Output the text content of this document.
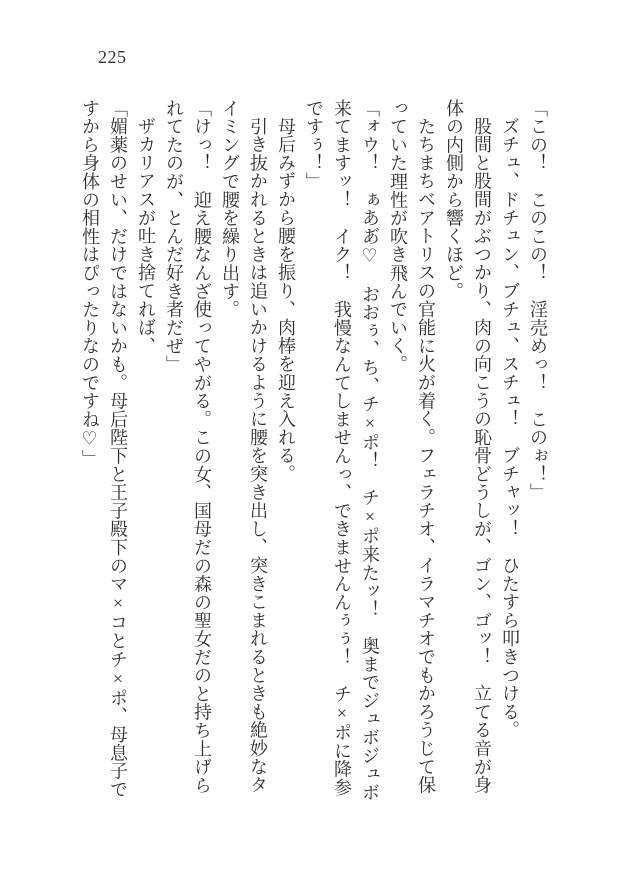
225
「この！　このこの！　淫売めっ！　このぉ！」
ズチュ、ドチュン、ブチュ、スチュ！　ブチャッ！　ひたすら叩きつける。
股間と股間がぶつかり、肉の向こうの恥骨どうしが、ゴン、ゴッ！　立てる音が身
体の内側から響くほど。
たちまちベアトリスの官能に火が着く。フェラチオ、イラマチオでもかろうじて保
っていた理性が吹き飛んでいく。
「ォウ！　ぁああ゙♡　おおぅ、ち、チ×ポ！　チ×ポ来たッ！　奥までジュボジュボ
来てますッ！　イク！　我慢なんてしませんっ、できませんんぅぅ！　チ×ポに降参
ですぅ！」
母后みずから腰を振り、肉棒を迎え入れる。
引き抜かれるときは追いかけるように腰を突き出し、突きこまれるときも絶妙なタ
イミングで腰を繰り出す。
「けっ！　迎え腰なんざ使ってやがる。この女、国母だの森の聖女だのと持ち上げら
れてたのが、とんだ好き者だぜ」
ザカリアスが吐き捨てれば、
「媚薬のせい、だけではないかも。母后陛下と王子殿下のマ×コとチ×ポ、母息子で
すから身体の相性はぴったりなのですね♡」
